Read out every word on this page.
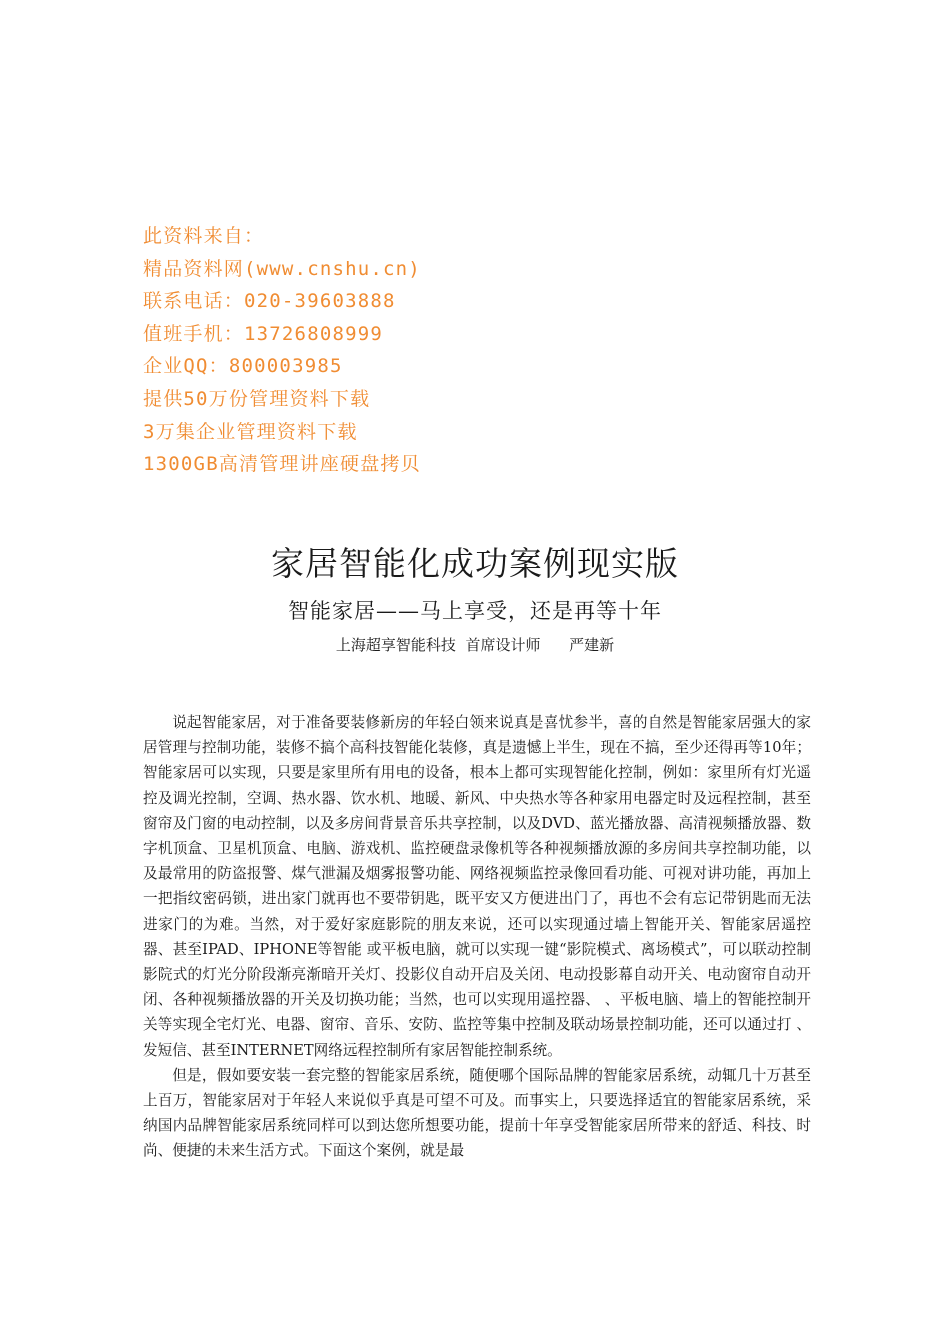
此资料来自：
精品资料网(www.cnshu.cn)
联系电话：020-39603888
值班手机：13726808999
企业QQ：800003985
提供50万份管理资料下载
3万集企业管理资料下载
1300GB高清管理讲座硬盘拷贝
家居智能化成功案例现实版
智能家居——马上享受，还是再等十年
上海超享智能科技  首席设计师      严建新

说起智能家居，对于准备要装修新房的年轻白领来说真是喜忧参半，喜的自然是智能家居强大的家居管理与控制功能，装修不搞个高科技智能化装修，真是遗憾上半生，现在不搞，至少还得再等10年；智能家居可以实现，只要是家里所有用电的设备，根本上都可实现智能化控制，例如：家里所有灯光遥控及调光控制，空调、热水器、饮水机、地暖、新风、中央热水等各种家用电器定时及远程控制，甚至窗帘及门窗的电动控制，以及多房间背景音乐共享控制，以及DVD、蓝光播放器、高清视频播放器、数字机顶盒、卫星机顶盒、电脑、游戏机、监控硬盘录像机等各种视频播放源的多房间共享控制功能，以及最常用的防盗报警、煤气泄漏及烟雾报警功能、网络视频监控录像回看功能、可视对讲功能，再加上一把指纹密码锁，进出家门就再也不要带钥匙，既平安又方便进出门了，再也不会有忘记带钥匙而无法进家门的为难。当然，对于爱好家庭影院的朋友来说，还可以实现通过墙上智能开关、智能家居遥控器、甚至IPAD、IPHONE等智能 或平板电脑，就可以实现一键“影院模式、离场模式”，可以联动控制影院式的灯光分阶段渐亮渐暗开关灯、投影仪自动开启及关闭、电动投影幕自动开关、电动窗帘自动开闭、各种视频播放器的开关及切换功能；当然，也可以实现用遥控器、 、平板电脑、墙上的智能控制开关等实现全宅灯光、电器、窗帘、音乐、安防、监控等集中控制及联动场景控制功能，还可以通过打 、发短信、甚至INTERNET网络远程控制所有家居智能控制系统。

但是，假如要安装一套完整的智能家居系统，随便哪个国际品牌的智能家居系统，动辄几十万甚至上百万，智能家居对于年轻人来说似乎真是可望不可及。而事实上，只要选择适宜的智能家居系统，采纳国内品牌智能家居系统同样可以到达您所想要功能，提前十年享受智能家居所带来的舒适、科技、时尚、便捷的未来生活方式。下面这个案例，就是最
